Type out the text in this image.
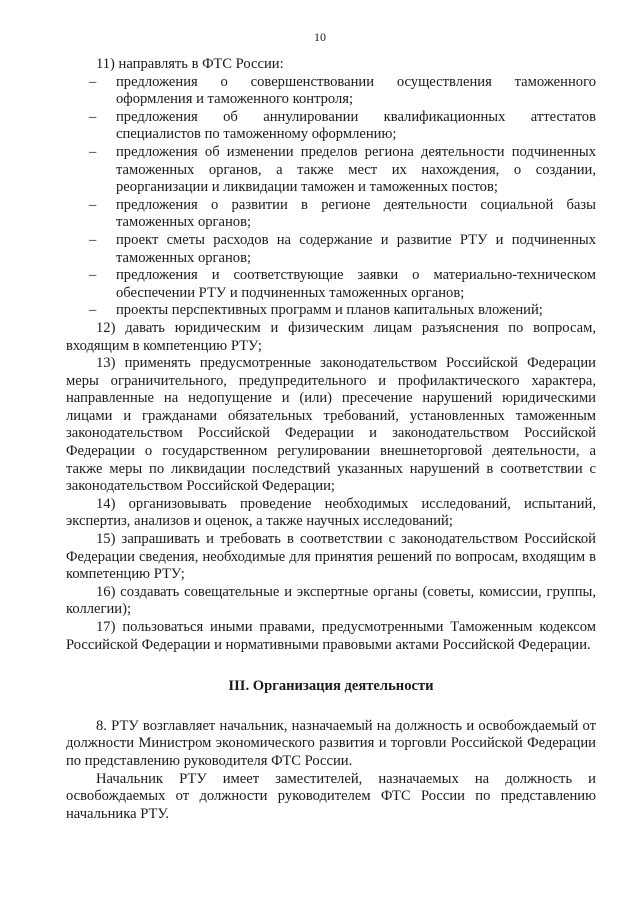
10

11) направлять в ФТС России:

– предложения о совершенствовании осуществления таможенного оформления и таможенного контроля;

– предложения об аннулировании квалификационных аттестатов специалистов по таможенному оформлению;

– предложения об изменении пределов региона деятельности подчиненных таможенных органов, а также мест их нахождения, о создании, реорганизации и ликвидации таможен и таможенных постов;

– предложения о развитии в регионе деятельности социальной базы таможенных органов;

– проект сметы расходов на содержание и развитие РТУ и подчиненных таможенных органов;

– предложения и соответствующие заявки о материально-техническом обеспечении РТУ и подчиненных таможенных органов;

– проекты перспективных программ и планов капитальных вложений;

12) давать юридическим и физическим лицам разъяснения по вопросам, входящим в компетенцию РТУ;

13) применять предусмотренные законодательством Российской Федерации меры ограничительного, предупредительного и профилактического характера, направленные на недопущение и (или) пресечение нарушений юридическими лицами и гражданами обязательных требований, установленных таможенным законодательством Российской Федерации и законодательством Российской Федерации о государственном регулировании внешнеторговой деятельности, а также меры по ликвидации последствий указанных нарушений в соответствии с законодательством Российской Федерации;

14) организовывать проведение необходимых исследований, испытаний, экспертиз, анализов и оценок, а также научных исследований;

15) запрашивать и требовать в соответствии с законодательством Российской Федерации сведения, необходимые для принятия решений по вопросам, входящим в компетенцию РТУ;

16) создавать совещательные и экспертные органы (советы, комиссии, группы, коллегии);

17) пользоваться иными правами, предусмотренными Таможенным кодексом Российской Федерации и нормативными правовыми актами Российской Федерации.

III. Организация деятельности

8. РТУ возглавляет начальник, назначаемый на должность и освобождаемый от должности Министром экономического развития и торговли Российской Федерации по представлению руководителя ФТС России.

Начальник РТУ имеет заместителей, назначаемых на должность и освобождаемых от должности руководителем ФТС России по представлению начальника РТУ.
